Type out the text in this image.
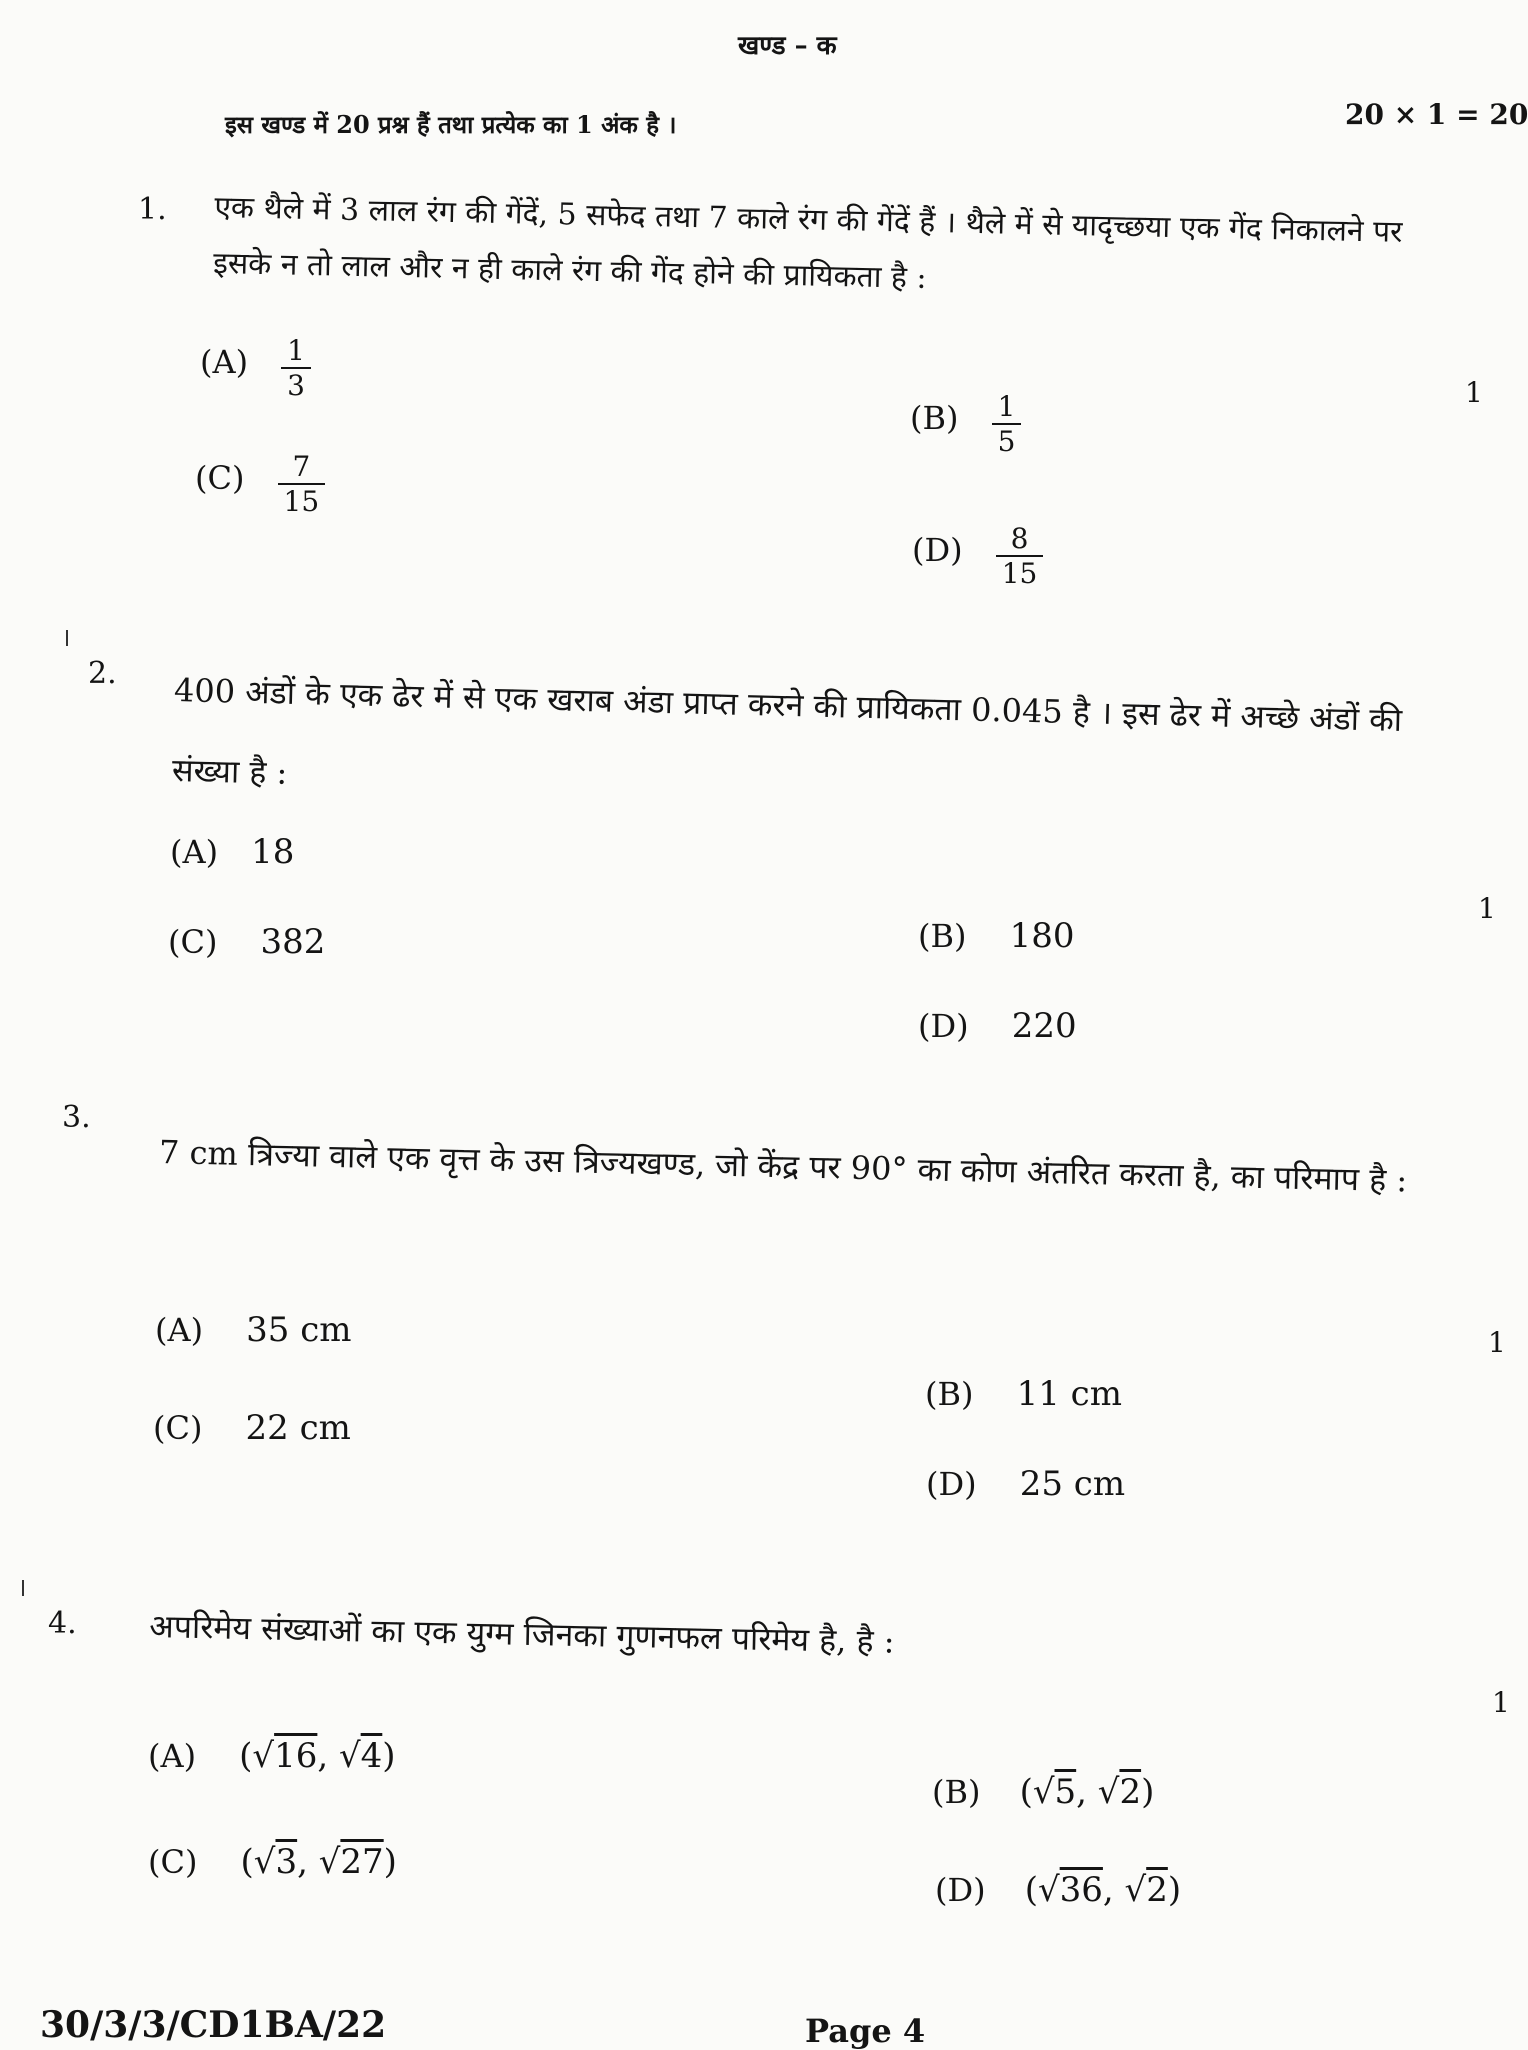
खण्ड – क
इस खण्ड में 20 प्रश्न हैं तथा प्रत्येक का 1 अंक है ।	20 × 1 = 20
1. एक थैले में 3 लाल रंग की गेंदें, 5 सफेद तथा 7 काले रंग की गेंदें हैं । थैले में से यादृच्छया एक गेंद निकालने पर इसके न तो लाल और न ही काले रंग की गेंद होने की प्रायिकता है :
1
$(A) \frac{1}{3}$
$(B) \frac{1}{5}$
$(C) \frac{7}{15}$
$(D) \frac{8}{15}$
2. 400 अंडों के एक ढेर में से एक खराब अंडा प्राप्त करने की प्रायिकता 0.045 है । इस ढेर में अच्छे अंडों की संख्या है :
1
(A) 18
(B) 180
(C) 382
(D) 220
3.
7 cm त्रिज्या वाले एक वृत्त के उस त्रिज्यखण्ड, जो केंद्र पर 90° का कोण अंतरित करता है, का परिमाप है :
1
(A) 35 cm
(B) 11 cm
(C) 22 cm
(D) 25 cm
4. अपरिमेय संख्याओं का एक युग्म जिनका गुणनफल परिमेय है, है :
1
(A) (√16, √4)
(B) (√5, √2)
(C) (√3, √27)
(D) (√36, √2)
30/3/3/CD1BA/22	Page 4
